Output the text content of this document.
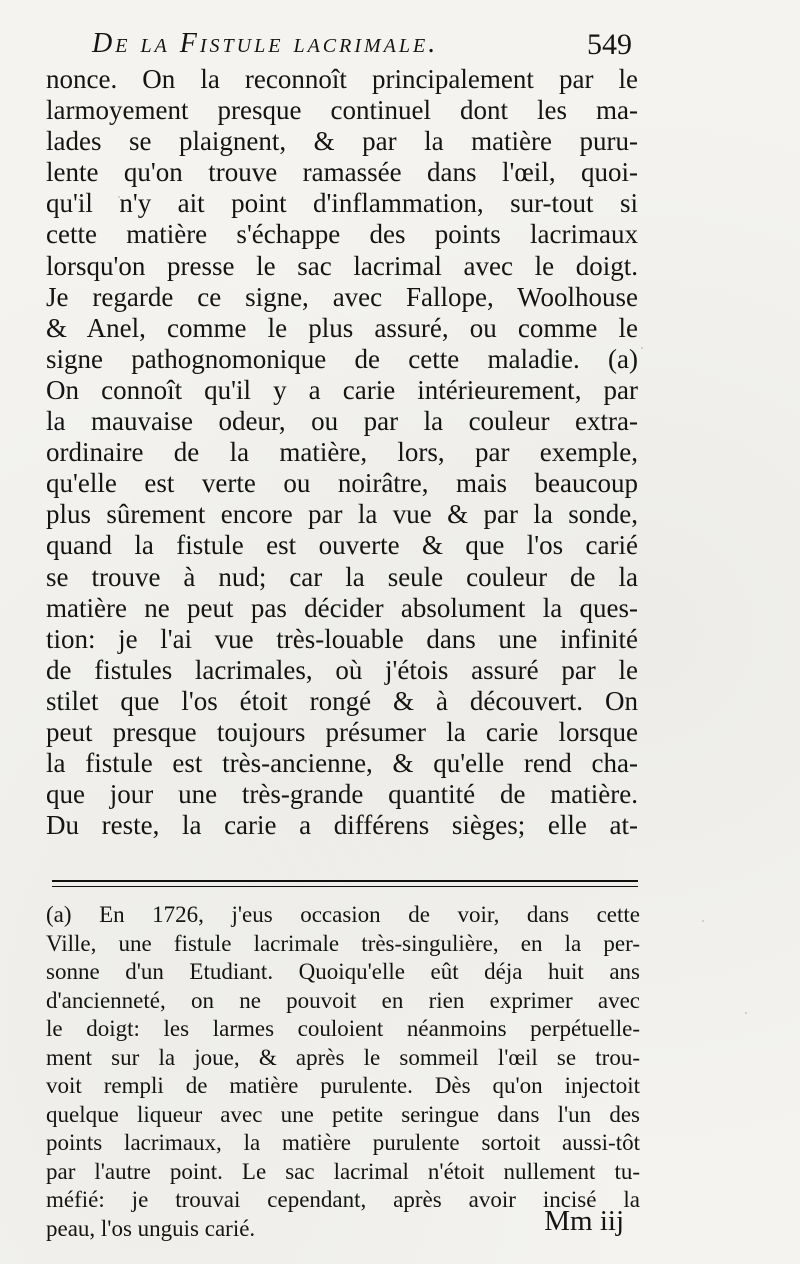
De la Fistule lacrimale.	549
nonce. On la reconnoît principalement par le
larmoyement presque continuel dont les ma-
lades se plaignent, & par la matière puru-
lente qu'on trouve ramassée dans l'œil, quoi-
qu'il n'y ait point d'inflammation, sur-tout si
cette matière s'échappe des points lacrimaux
lorsqu'on presse le sac lacrimal avec le doigt.
Je regarde ce signe, avec Fallope, Woolhouse
& Anel, comme le plus assuré, ou comme le
signe pathognomonique de cette maladie. (a)
On connoît qu'il y a carie intérieurement, par
la mauvaise odeur, ou par la couleur extra-
ordinaire de la matière, lors, par exemple,
qu'elle est verte ou noirâtre, mais beaucoup
plus sûrement encore par la vue & par la sonde,
quand la fistule est ouverte & que l'os carié
se trouve à nud; car la seule couleur de la
matière ne peut pas décider absolument la ques-
tion: je l'ai vue très-louable dans une infinité
de fistules lacrimales, où j'étois assuré par le
stilet que l'os étoit rongé & à découvert. On
peut presque toujours présumer la carie lorsque
la fistule est très-ancienne, & qu'elle rend cha-
que jour une très-grande quantité de matière.
Du reste, la carie a différens sièges; elle at-
(a) En 1726, j'eus occasion de voir, dans cette
Ville, une fistule lacrimale très-singulière, en la per-
sonne d'un Etudiant. Quoiqu'elle eût déja huit ans
d'ancienneté, on ne pouvoit en rien exprimer avec
le doigt: les larmes couloient néanmoins perpétuelle-
ment sur la joue, & après le sommeil l'œil se trou-
voit rempli de matière purulente. Dès qu'on injectoit
quelque liqueur avec une petite seringue dans l'un des
points lacrimaux, la matière purulente sortoit aussi-tôt
par l'autre point. Le sac lacrimal n'étoit nullement tu-
méfié: je trouvai cependant, après avoir incisé la
peau, l'os unguis carié.	Mm iij
